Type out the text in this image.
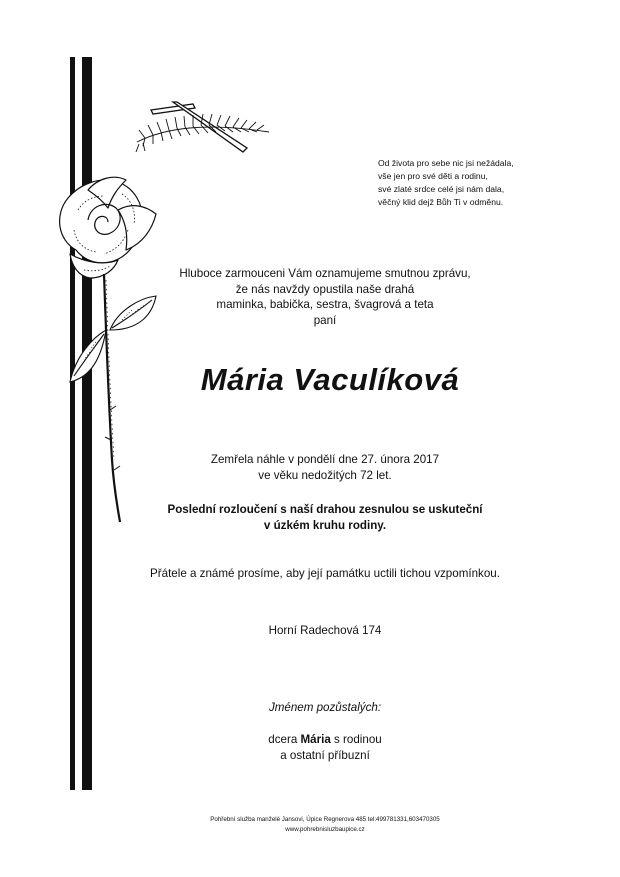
Od života pro sebe nic jsi nežádala,
vše jen pro své děti a rodinu,
své zlaté srdce celé jsi nám dala,
věčný klid dejž Bůh Ti v odměnu.
Hluboce zarmouceni Vám oznamujeme smutnou zprávu,
že nás navždy opustila naše drahá
maminka, babička, sestra, švagrová a teta
paní
Mária Vaculíková
Zemřela náhle v pondělí dne 27. února 2017
ve věku nedožitých 72 let.
Poslední rozloučení s naší drahou zesnulou se uskuteční
v úzkém kruhu rodiny.
Přátele a známé prosíme, aby její památku uctili tichou vzpomínkou.
Horní Radechová 174
Jménem pozůstalých:
dcera Mária s rodinou
a ostatní příbuzní
Pohřební služba manželé Jansovi, Úpice Regnerova 485 tel:499781331,603470305
www.pohrebnisluzbaupice.cz
